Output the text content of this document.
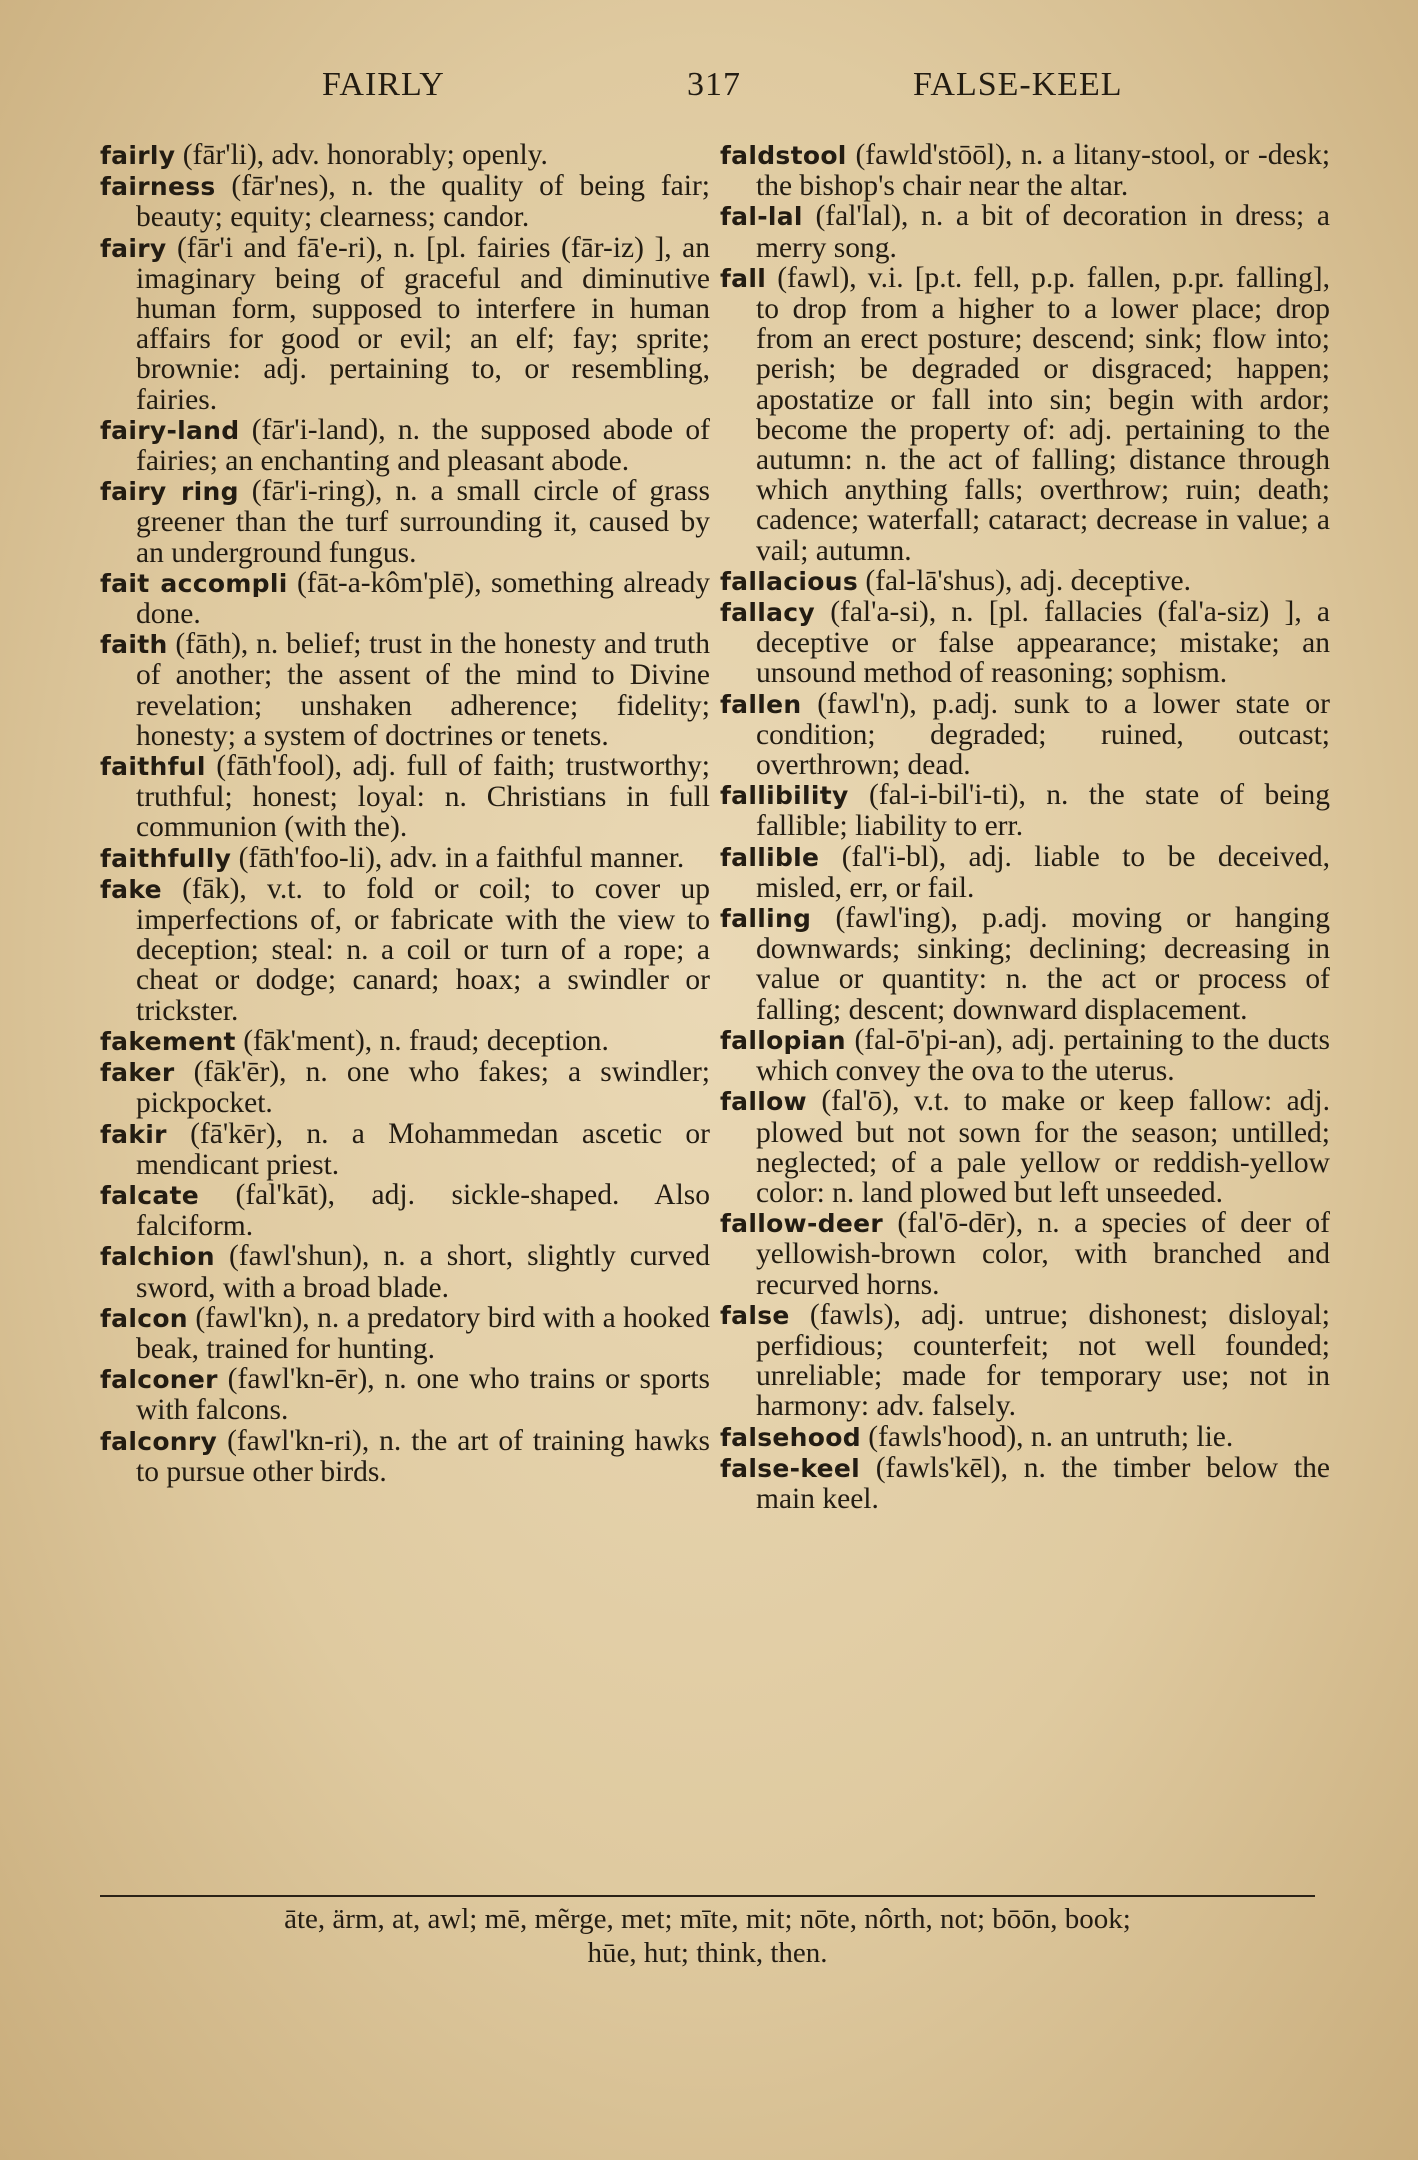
FAIRLY	317	FALSE-KEEL

fairly (fār'li), adv. honorably; openly.

fairness (fār'nes), n. the quality of being fair; beauty; equity; clearness; candor.

fairy (fār'i and fā'e-ri), n. [pl. fairies (fār-iz) ], an imaginary being of graceful and diminutive human form, supposed to interfere in human affairs for good or evil; an elf; fay; sprite; brownie: adj. pertaining to, or resembling, fairies.

fairy-land (fār'i-land), n. the supposed abode of fairies; an enchanting and pleasant abode.

fairy ring (fār'i-ring), n. a small circle of grass greener than the turf surrounding it, caused by an underground fungus.

fait accompli (fāt-a-kôm'plē), something already done.

faith (fāth), n. belief; trust in the honesty and truth of another; the assent of the mind to Divine revelation; unshaken adherence; fidelity; honesty; a system of doctrines or tenets.

faithful (fāth'fool), adj. full of faith; trustworthy; truthful; honest; loyal: n. Christians in full communion (with the).

faithfully (fāth'foo-li), adv. in a faithful manner.

fake (fāk), v.t. to fold or coil; to cover up imperfections of, or fabricate with the view to deception; steal: n. a coil or turn of a rope; a cheat or dodge; canard; hoax; a swindler or trickster.

fakement (fāk'ment), n. fraud; deception.

faker (fāk'ēr), n. one who fakes; a swindler; pickpocket.

fakir (fā'kēr), n. a Mohammedan ascetic or mendicant priest.

falcate (fal'kāt), adj. sickle-shaped. Also falciform.

falchion (fawl'shun), n. a short, slightly curved sword, with a broad blade.

falcon (fawl'kn), n. a predatory bird with a hooked beak, trained for hunting.

falconer (fawl'kn-ēr), n. one who trains or sports with falcons.

falconry (fawl'kn-ri), n. the art of training hawks to pursue other birds.

faldstool (fawld'stōōl), n. a litany-stool, or -desk; the bishop's chair near the altar.

fal-lal (fal'lal), n. a bit of decoration in dress; a merry song.

fall (fawl), v.i. [p.t. fell, p.p. fallen, p.pr. falling], to drop from a higher to a lower place; drop from an erect posture; descend; sink; flow into; perish; be degraded or disgraced; happen; apostatize or fall into sin; begin with ardor; become the property of: adj. pertaining to the autumn: n. the act of falling; distance through which anything falls; overthrow; ruin; death; cadence; waterfall; cataract; decrease in value; a vail; autumn.

fallacious (fal-lā'shus), adj. deceptive.

fallacy (fal'a-si), n. [pl. fallacies (fal'a-siz) ], a deceptive or false appearance; mistake; an unsound method of reasoning; sophism.

fallen (fawl'n), p.adj. sunk to a lower state or condition; degraded; ruined, outcast; overthrown; dead.

fallibility (fal-i-bil'i-ti), n. the state of being fallible; liability to err.

fallible (fal'i-bl), adj. liable to be deceived, misled, err, or fail.

falling (fawl'ing), p.adj. moving or hanging downwards; sinking; declining; decreasing in value or quantity: n. the act or process of falling; descent; downward displacement.

fallopian (fal-ō'pi-an), adj. pertaining to the ducts which convey the ova to the uterus.

fallow (fal'ō), v.t. to make or keep fallow: adj. plowed but not sown for the season; untilled; neglected; of a pale yellow or reddish-yellow color: n. land plowed but left unseeded.

fallow-deer (fal'ō-dēr), n. a species of deer of yellowish-brown color, with branched and recurved horns.

false (fawls), adj. untrue; dishonest; disloyal; perfidious; counterfeit; not well founded; unreliable; made for temporary use; not in harmony: adv. falsely.

falsehood (fawls'hood), n. an untruth; lie.

false-keel (fawls'kēl), n. the timber below the main keel.

āte, ärm, at, awl; mē, mẽrge, met; mīte, mit; nōte, nôrth, not; bōōn, book;
hūe, hut; think, then.
